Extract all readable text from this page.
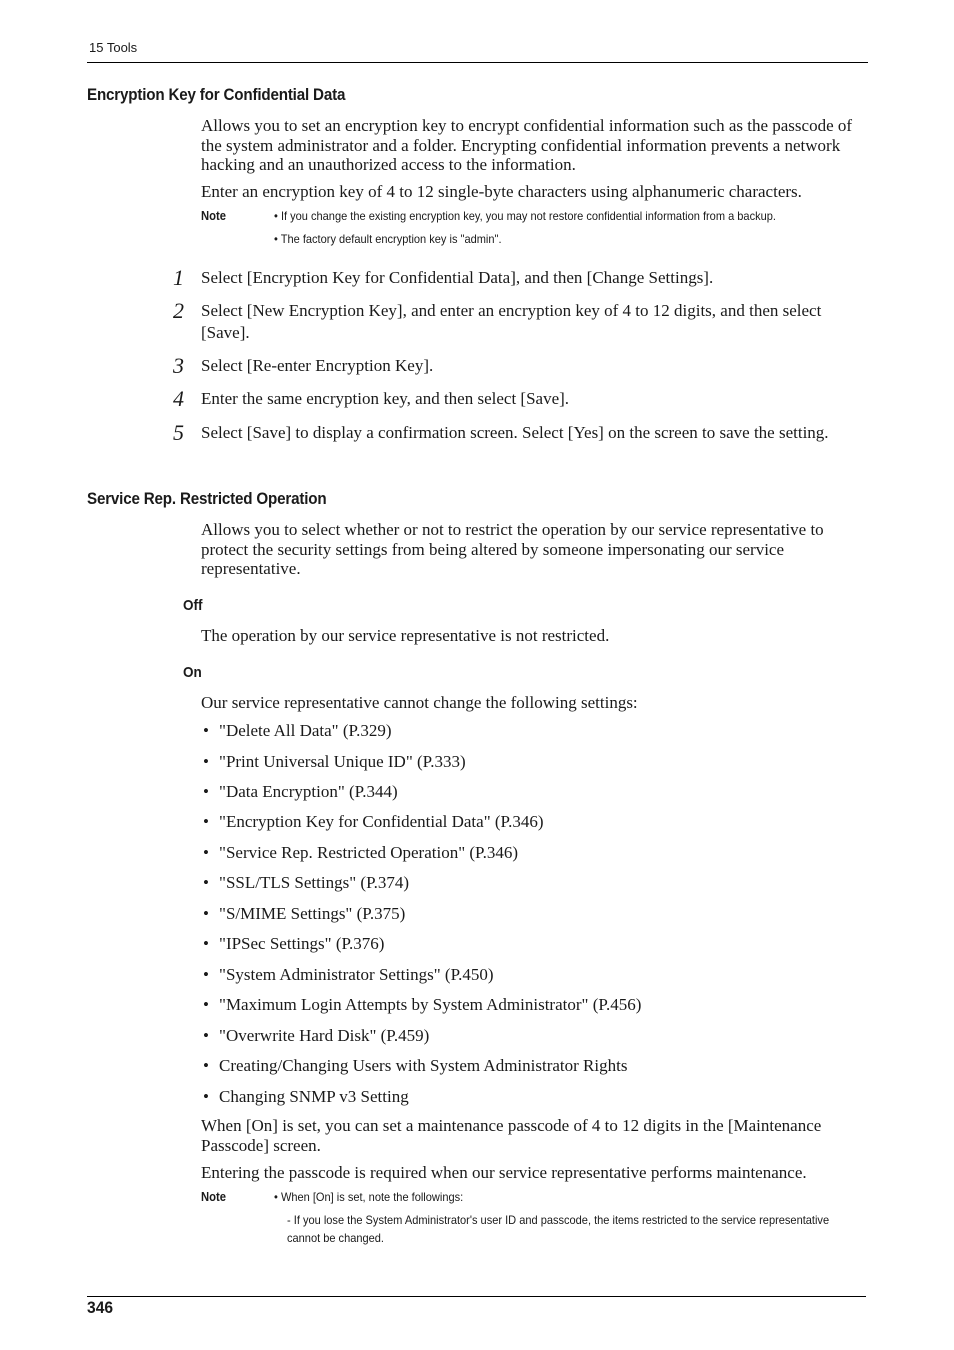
15 Tools
Encryption Key for Confidential Data

Allows you to set an encryption key to encrypt confidential information such as the passcode of the system administrator and a folder. Encrypting confidential information prevents a network hacking and an unauthorized access to the information.

Enter an encryption key of 4 to 12 single-byte characters using alphanumeric characters.

Note	• If you change the existing encryption key, you may not restore confidential information from a backup.
• The factory default encryption key is "admin".
1 Select [Encryption Key for Confidential Data], and then [Change Settings].

2 Select [New Encryption Key], and enter an encryption key of 4 to 12 digits, and then select [Save].

3 Select [Re-enter Encryption Key].

4 Enter the same encryption key, and then select [Save].

5 Select [Save] to display a confirmation screen. Select [Yes] on the screen to save the setting.

Service Rep. Restricted Operation

Allows you to select whether or not to restrict the operation by our service representative to protect the security settings from being altered by someone impersonating our service representative.

Off

The operation by our service representative is not restricted.

On

Our service representative cannot change the following settings:

• "Delete All Data" (P.329)
• "Print Universal Unique ID" (P.333)
• "Data Encryption" (P.344)
• "Encryption Key for Confidential Data" (P.346)
• "Service Rep. Restricted Operation" (P.346)
• "SSL/TLS Settings" (P.374)
• "S/MIME Settings" (P.375)
• "IPSec Settings" (P.376)
• "System Administrator Settings" (P.450)
• "Maximum Login Attempts by System Administrator" (P.456)
• "Overwrite Hard Disk" (P.459)
• Creating/Changing Users with System Administrator Rights
• Changing SNMP v3 Setting

When [On] is set, you can set a maintenance passcode of 4 to 12 digits in the [Maintenance Passcode] screen.

Entering the passcode is required when our service representative performs maintenance.

Note	• When [On] is set, note the followings:
- If you lose the System Administrator's user ID and passcode, the items restricted to the service representative cannot be changed.
346
